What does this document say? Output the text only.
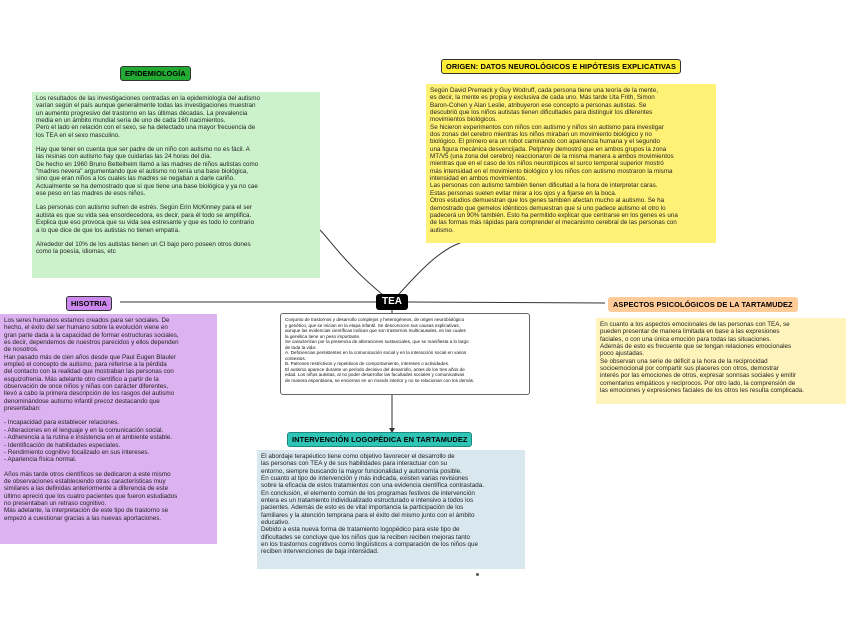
TEA

Conjunto de trastornos y desarrollo complejos y heterogéneos, de origen neurobiológico

y genético, que se inician en la etapa infantil. Se desconocen sus causas explicativas,

aunque las evidencias científicas indican que son trastornos multicausales, en las cuales

la genética tiene un peso importante.

Se caracterizan por la presencia de alteraciones sustanciales, que se manifiesta a lo largo

de toda la vida:

A. Deficiencias persistentes en la comunicación social y en la interacción social en varios

contextos.

B. Patrones restrictivos y repetitivos de comportamiento, intereses o actividades.

El autismo aparece durante un periodo decisivo del desarrollo, antes de los tres años de

edad. Los niños autistas, al no poder desarrollar las facultades sociales y comunicativas

de manera espontánea, se encierran en un mundo interior y no se relacionan con los demás.

EPIDEMIOLOGÍA

Los resultados de las investigaciones centradas en la epidemiología del autismo

varían según el país aunque generalmente todas las investigaciones muestran

un aumento progresivo del trastorno en las últimas décadas. La prevalencia

media en un ámbito mundial sería de uno de cada 160 nacimientos.

Pero el lado en relación con el sexo, se ha detectado una mayor frecuencia de

los TEA en el sexo masculino.

Hay que tener en cuenta que ser padre de un niño con autismo no es fácil. A

las resinas con autismo hay que cuidarlas las 24 horas del día.

De hecho en 1960 Bruno Bettelheim llamó a las madres de niños autistas como

"madres nevera" argumentando que el autismo no tenía una base biológica,

sino que eran niños a los cuales las madres se negaban a darle cariño.

Actualmente se ha demostrado que sí que tiene una base biológica y ya no cae

ese peso en las madres de esos niños.

Las personas con autismo sufren de estrés. Según Erin McKinney para el ser

autista es que su vida sea ensordecedora, es decir, para él todo se amplifica.

Explica que eso provoca que su vida sea estresante y que es todo lo contrario

a lo que dice de que los autistas no tienen empatía.

Alrededor del 10% de los autistas tienen un CI bajo pero poseen otros dones

como la poesía, idiomas, etc

ORIGEN: DATOS NEUROLÓGICOS E HIPÓTESIS EXPLICATIVAS

Según David Premack y Guy Wodruff, cada persona tiene una teoría de la mente,

es decir, la mente es propia y exclusiva de cada uno. Más tarde Uta Frith, Simon

Baron-Cohen y Alan Leslie, atribuyeron ese concepto a personas autistas. Se

descubrió que los niños autistas tienen dificultades para distinguir los diferentes

movimientos biológicos.

Se hicieron experimentos con niños con autismo y niños sin autismo para investigar

dos zonas del cerebro mientras los niños miraban un movimiento biológico y no

biológico. El primero era un robot caminando con apariencia humana y el segundo

una figura mecánica desvencijada. Pelphrey demostró que en ambos grupos la zona

MT/V5 (una zona del cerebro) reaccionaron de la misma manera a ambos movimientos

mientras que en el caso de los niños neurotípicos el surco temporal superior mostró

más intensidad en el movimiento biológico y los niños con autismo mostraron la misma

intensidad en ambos movimientos.

Las personas con autismo también tienen dificultad a la hora de interpretar caras.

Estas personas suelen evitar mirar a los ojos y a fijarse en la boca.

Otros estudios demuestran que los genes también afectan mucho al autismo. Se ha

demostrado que gemelos idénticos demuestran que si uno padece autismo el otro lo

padecerá un 90% también. Esto ha permitido explicar que centrarse en los genes es una

de las formas más rápidas para comprender el mecanismo cerebral de las personas con

autismo.

HISOTRIA

Los seres humanos estamos creados para ser sociales. De

hecho, el éxito del ser humano sobre la evolución viene en

gran parte dada a la capacidad de formar estructuras sociales,

es decir, dependemos de nuestros parecidos y ellos dependen

de nosotros.

Han pasado más de cien años desde que Paul Eugen Blauler

empleó el concepto de autismo, para referirse a la pérdida

del contacto con la realidad que mostraban las personas con

esquizofrenia. Más adelante otro científico a partir de la

observación de once niños y niñas con carácter diferentes,

llevó a cabo la primera descripción de los rasgos del autismo

denominándose autismo infantil precoz destacando que

presentaban:

- Incapacidad para establecer relaciones.

- Alteraciones en el lenguaje y en la comunicación social.

- Adherencia a la rutina e insistencia en el ambiente estable.

- Identificación de habilidades especiales.

- Rendimiento cognitivo focalizado en sus intereses.

- Apariencia física normal.

Años más tarde otros científicos se dedicaron a este mismo

de observaciones estableciendo otras características muy

similares a las definidas anteriormente a diferencia de este

último apreció que los cuatro pacientes que fueron estudiados

no presentaban un retraso cognitivo.

Más adelante, la interpretación de este tipo de trastorno se

empezó a cuestionar gracias a las nuevas aportaciones.

ASPECTOS PSICOLÓGICOS DE LA TARTAMUDEZ

En cuanto a los aspectos emocionales de las personas con TEA, se

pueden presentar de manera limitada en base a las expresiones

faciales, o con una única emoción para todas las situaciones.

Además de esto es frecuente que se tengan relaciones emocionales

poco ajustadas.

Se observan una serie de déficit a la hora de la reciprocidad

socioemocional por compartir sus placeres con otros, demostrar

interés por las emociones de otros, expresar sonrisas sociales y emitir

comentarios empáticos y recíprocos. Por otro lado, la comprensión de

las emociones y expresiones faciales de los otros les resulta complicada.

INTERVENCIÓN LOGOPÉDICA EN TARTAMUDEZ

El abordaje terapéutico tiene como objetivo favorecer el desarrollo de

las personas con TEA y de sus habilidades para interactuar con su

entorno, siempre buscando la mayor funcionalidad y autonomía posible.

En cuanto al tipo de intervención y más indicada, existen varias revisiones

sobre la eficacia de estos tratamientos con una evidencia científica contrastada.

En conclusión, el elemento común de los programas festivos de intervención

entera es un tratamiento individualizado estructurado e intensivo a todos los

pacientes. Además de esto es de vital importancia la participación de los

familiares y la atención temprana para el éxito del mismo junto con el ámbito

educativo.

Debido a esta nueva forma de tratamiento logopédico para este tipo de

dificultades se concluye que los niños que la reciben reciben mejoras tanto

en los trastornos cognitivos como lingüísticos a comparación de los niños que

reciben intervenciones de baja intensidad.
